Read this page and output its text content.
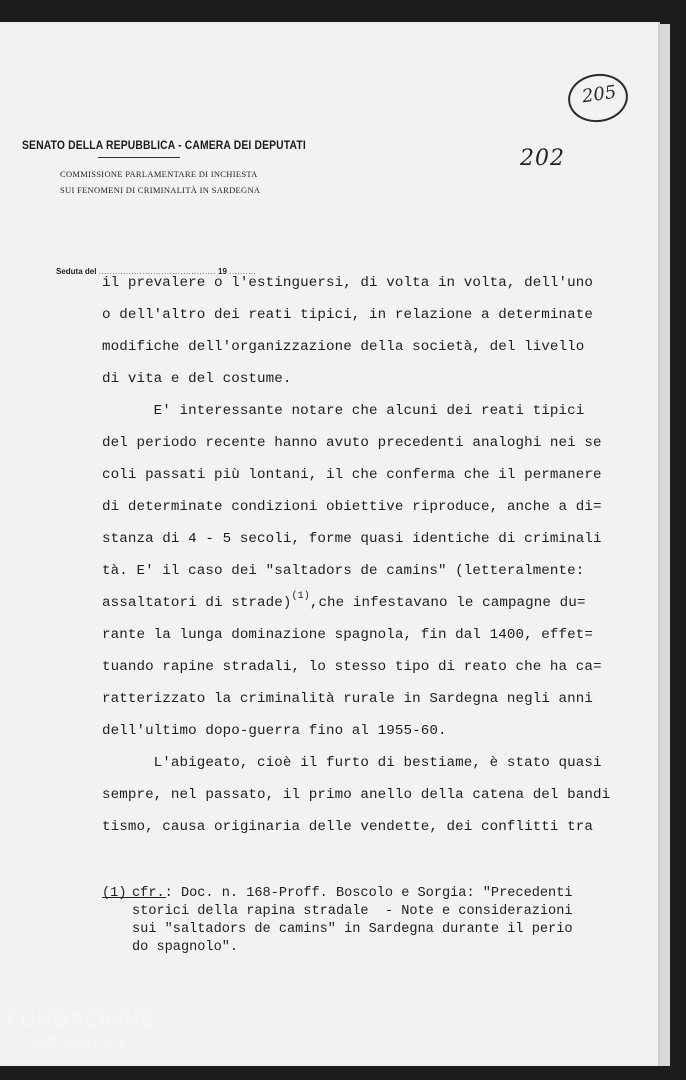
205
202
SENATO DELLA REPUBBLICA - CAMERA DEI DEPUTATI
COMMISSIONE PARLAMENTARE DI INCHIESTA
SUI FENOMENI DI CRIMINALITÀ IN SARDEGNA
Seduta del ........................................... 19 ..........
il prevalere o l'estinguersi, di volta in volta, dell'uno
o dell'altro dei reati tipici, in relazione a determinate
modifiche dell'organizzazione della società, del livello
di vita e del costume.
E' interessante notare che alcuni dei reati tipici
del periodo recente hanno avuto precedenti analoghi nei se
coli passati più lontani, il che conferma che il permanere
di determinate condizioni obiettive riproduce, anche a di=
stanza di 4 - 5 secoli, forme quasi identiche di criminali
tà. E' il caso dei "saltadors de camins" (letteralmente:
assaltatori di strade)$^{(1)}$,che infestavano le campagne du=
rante la lunga dominazione spagnola, fin dal 1400, effet=
tuando rapine stradali, lo stesso tipo di reato che ha ca=
ratterizzato la criminalità rurale in Sardegna negli anni
dell'ultimo dopo-guerra fino al 1955-60.
L'abigeato, cioè il furto di bestiame, è stato quasi
sempre, nel passato, il primo anello della catena del bandi
tismo, causa originaria delle vendette, dei conflitti tra
(1) cfr.: Doc. n. 168-Proff. Boscolo e Sorgia: "Precedenti
storici della rapina stradale  - Note e considerazioni
sui "saltadors de camins" in Sardegna durante il perio
do spagnolo".
FONDAZIONE
GRAMSCI
onlus
